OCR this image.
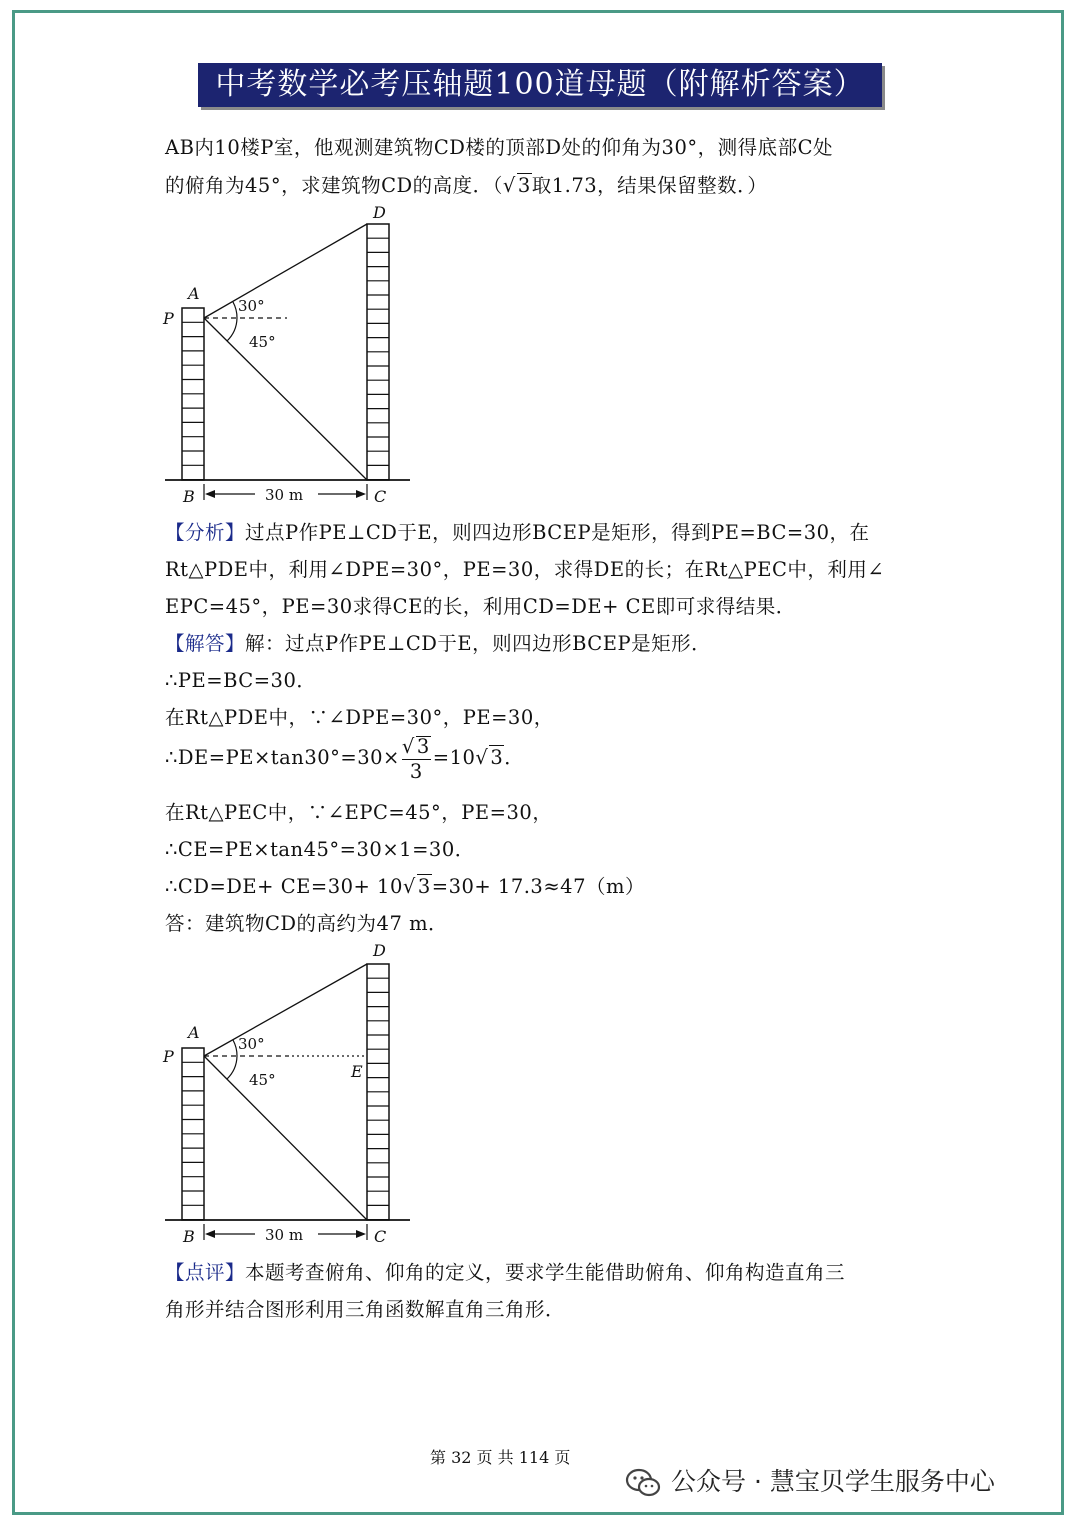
中考数学必考压轴题100道母题（附解析答案）
AB内10楼P室，他观测建筑物CD楼的顶部D处的仰角为30°，测得底部C处
的俯角为45°，求建筑物CD的高度．（√ 3取1.73，结果保留整数．）
A
P
B	C
D
30°
45°
30 m
【分析】过点P作PE⊥CD于E，则四边形BCEP是矩形，得到PE=BC=30，在
Rt△PDE中，利用∠DPE=30°，PE=30，求得DE的长；在Rt△PEC中，利用∠
EPC=45°，PE=30求得CE的长，利用CD=DE+ CE即可求得结果．
【解答】解：过点P作PE⊥CD于E，则四边形BCEP是矩形．
∴PE=BC=30．
在Rt△PDE中，∵∠DPE=30°，PE=30，
∴DE=PE×tan30°=30× $\frac{√ 3}{3} =10√$ 3．
在Rt△PEC中，∵∠EPC=45°，PE=30，
∴CE=PE×tan45°=30×1=30．
∴CD=DE+ CE=30+ 10√ 3=30+ 17.3≈47（m）
答：建筑物CD的高约为47 m．
A
P
E
B	C
D
30°
45°
30 m
【点评】本题考查俯角、仰角的定义，要求学生能借助俯角、仰角构造直角三
角形并结合图形利用三角函数解直角三角形．
第 32 页 共 114 页
公众号 · 慧宝贝学生服务中心
